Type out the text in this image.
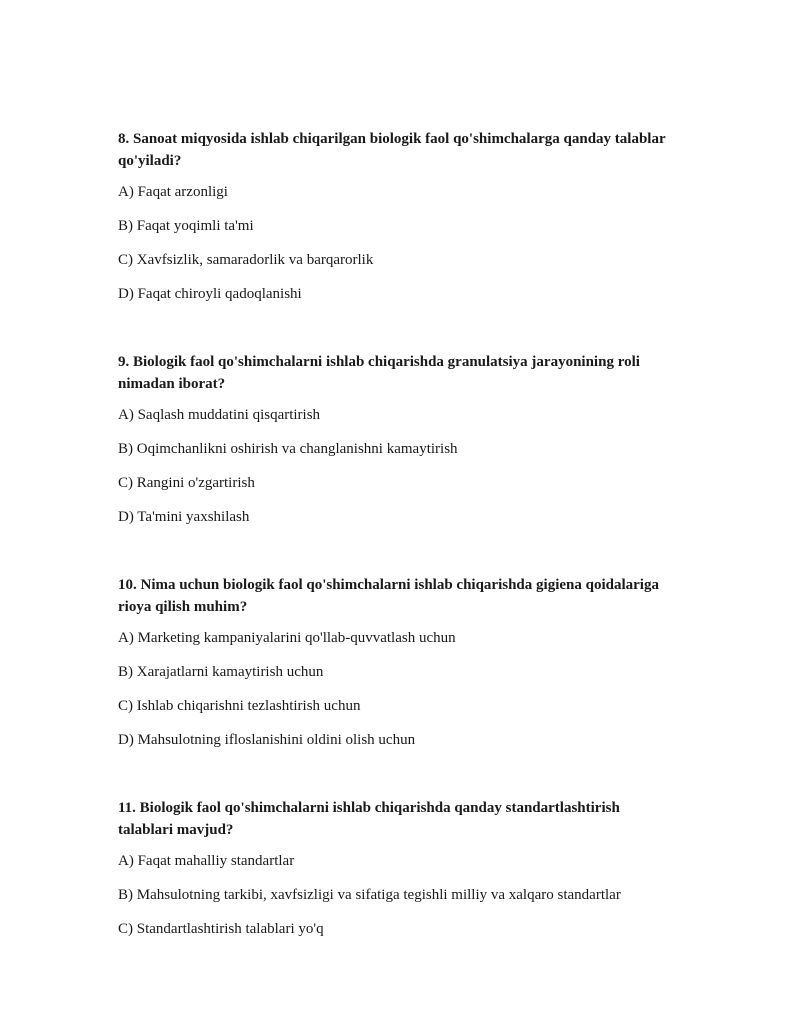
8. Sanoat miqyosida ishlab chiqarilgan biologik faol qo'shimchalarga qanday talablar qo'yiladi?

A) Faqat arzonligi

B) Faqat yoqimli ta'mi

C) Xavfsizlik, samaradorlik va barqarorlik

D) Faqat chiroyli qadoqlanishi

9. Biologik faol qo'shimchalarni ishlab chiqarishda granulatsiya jarayonining roli nimadan iborat?

A) Saqlash muddatini qisqartirish

B) Oqimchanlikni oshirish va changlanishni kamaytirish

C) Rangini o'zgartirish

D) Ta'mini yaxshilash

10. Nima uchun biologik faol qo'shimchalarni ishlab chiqarishda gigiena qoidalariga rioya qilish muhim?

A) Marketing kampaniyalarini qo'llab-quvvatlash uchun

B) Xarajatlarni kamaytirish uchun

C) Ishlab chiqarishni tezlashtirish uchun

D) Mahsulotning ifloslanishini oldini olish uchun

11. Biologik faol qo'shimchalarni ishlab chiqarishda qanday standartlashtirish talablari mavjud?

A) Faqat mahalliy standartlar

B) Mahsulotning tarkibi, xavfsizligi va sifatiga tegishli milliy va xalqaro standartlar

C) Standartlashtirish talablari yo'q
